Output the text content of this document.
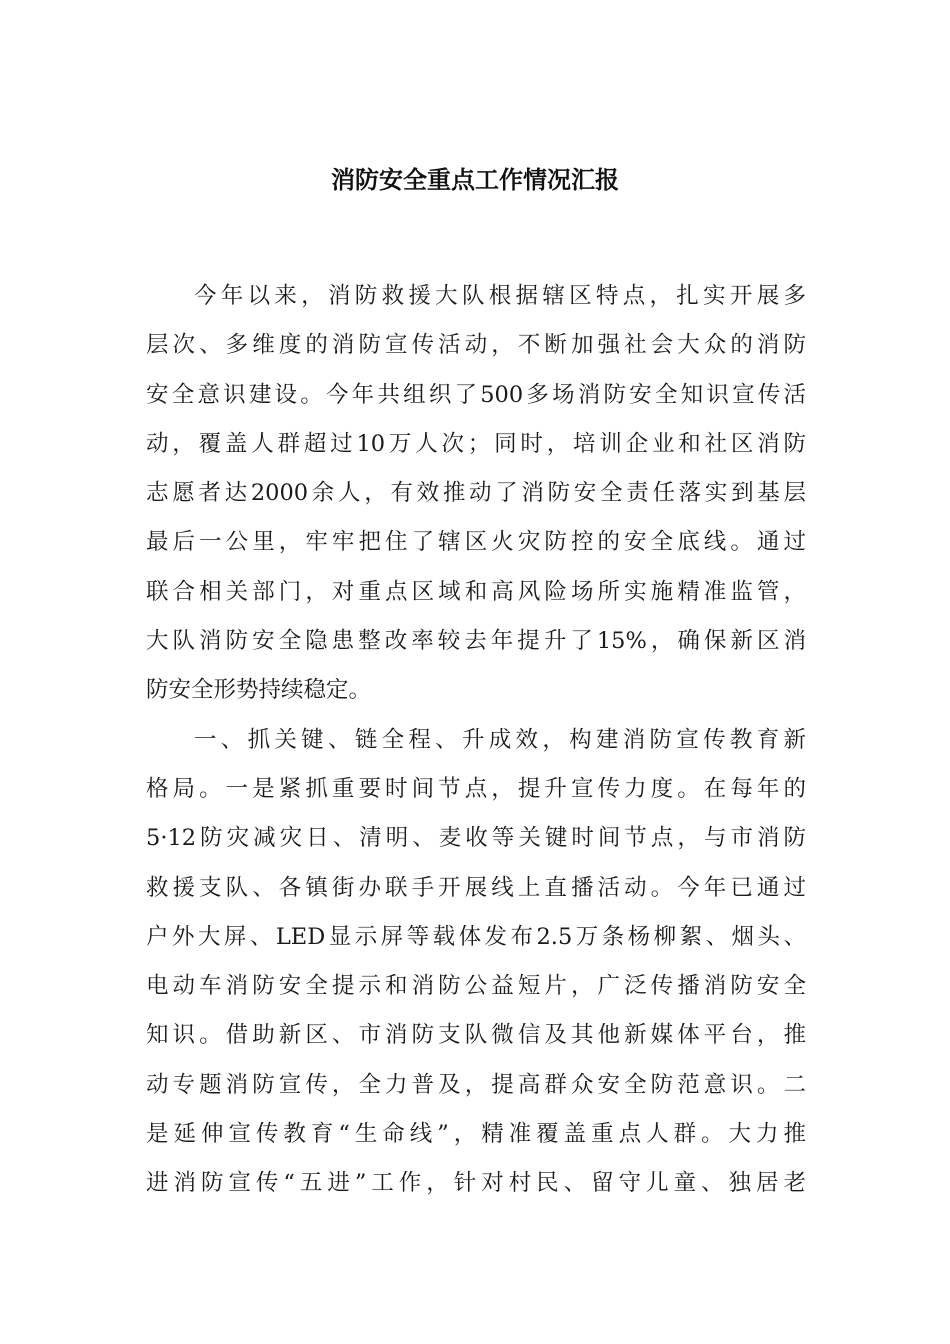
消防安全重点工作情况汇报
今年以来，消防救援大队根据辖区特点，扎实开展多
层次、多维度的消防宣传活动，不断加强社会大众的消防
安全意识建设。今年共组织了500多场消防安全知识宣传活
动，覆盖人群超过10万人次；同时，培训企业和社区消防
志愿者达2000余人，有效推动了消防安全责任落实到基层
最后一公里，牢牢把住了辖区火灾防控的安全底线。通过
联合相关部门，对重点区域和高风险场所实施精准监管，
大队消防安全隐患整改率较去年提升了15%，确保新区消
防安全形势持续稳定。
一、抓关键、链全程、升成效，构建消防宣传教育新
格局。一是紧抓重要时间节点，提升宣传力度。在每年的
5·12防灾减灾日、清明、麦收等关键时间节点，与市消防
救援支队、各镇街办联手开展线上直播活动。今年已通过
户外大屏、LED显示屏等载体发布2.5万条杨柳絮、烟头、
电动车消防安全提示和消防公益短片，广泛传播消防安全
知识。借助新区、市消防支队微信及其他新媒体平台，推
动专题消防宣传，全力普及，提高群众安全防范意识。二
是延伸宣传教育“生命线”，精准覆盖重点人群。大力推
进消防宣传“五进”工作，针对村民、留守儿童、独居老
